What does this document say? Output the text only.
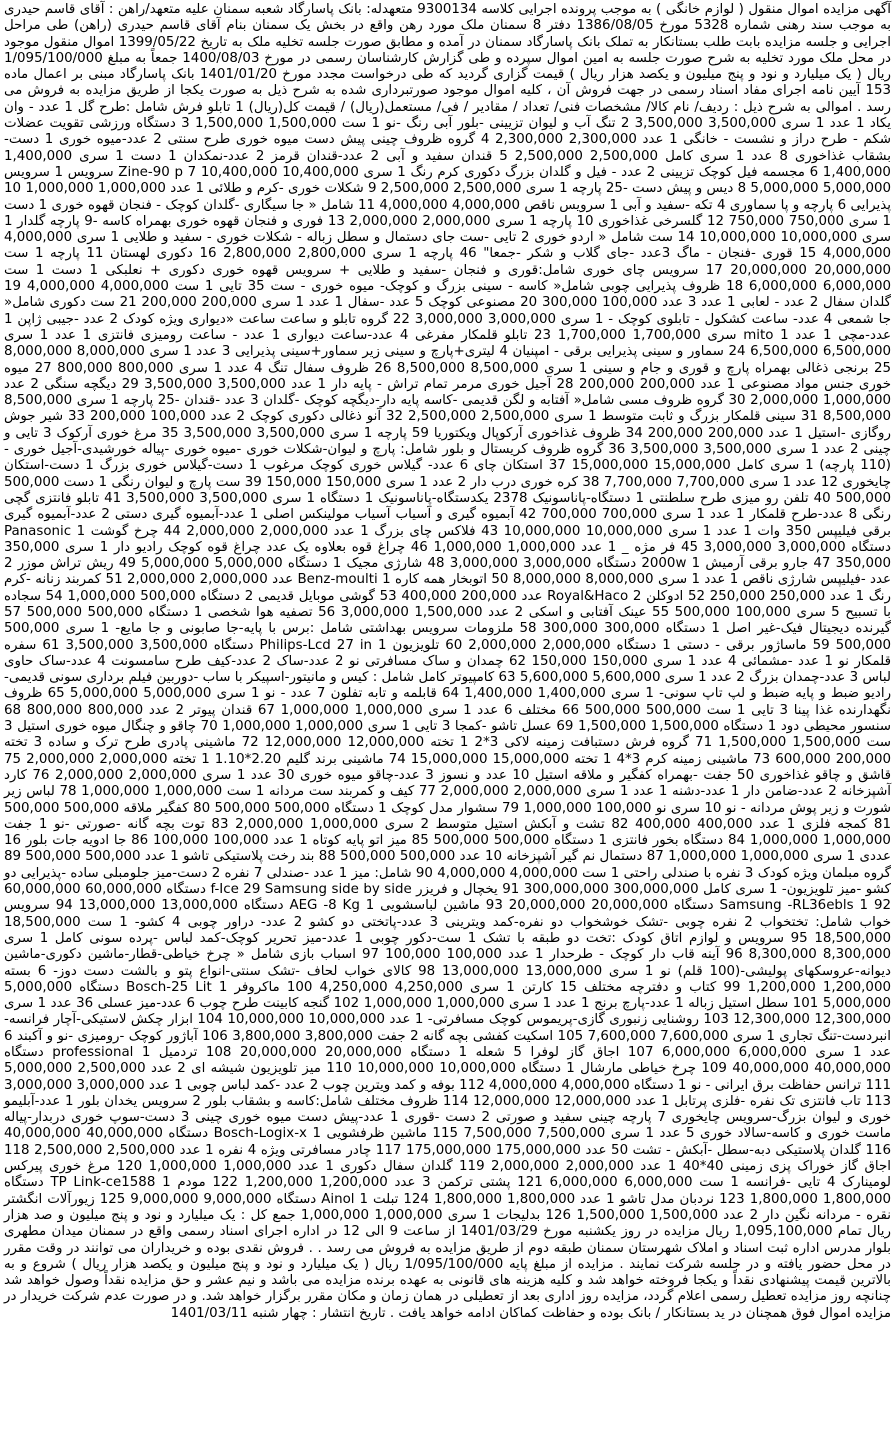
آگهی مزایده اموال منقول ( لوازم خانگی ) به موجب پرونده اجرایی کلاسه 9300134 متعهدله: بانک پاسارگاد شعبه سمنان علیه متعهد/راهن : آقای قاسم حیدری به موجب سند رهنی شماره 5328 مورخ 1386/08/05 دفتر 8 سمنان ملک مورد رهن واقع در بخش یک سمنان بنام آقای قاسم حیدری (راهن) طی مراحل اجرایی و جلسه مزایده بابت طلب بستانکار به تملک بانک پاسارگاد سمنان در آمده و مطابق صورت جلسه تخلیه ملک به تاریخ 1399/05/22 اموال منقول موجود در محل ملک مورد تخلیه به شرح صورت جلسه به امین اموال سپرده و طی گزارش کارشناسان رسمی در مورخ 1400/08/03 جمعاً به مبلغ 1/095/100/000 ریال ( یک میلیارد و نود و پنج میلیون و یکصد هزار ریال ) قیمت گزاری گردید که طی درخواست مجدد مورخ 1401/01/20 بانک پاسارگاد مبنی بر اعمال ماده 153 آیین نامه اجرای مفاد اسناد رسمی در جهت فروش آن ، کلیه اموال موجود صورتبرداری شده به شرح ذیل به صورت یکجا از طریق مزایده به فروش می رسد . اموالی به شرح ذیل : ردیف/ نام کالا/ مشخصات فنی/ تعداد / مقادیر / فی/ مستعمل(ریال) / قیمت کل(ریال) 1 تابلو فرش شامل :طرح گل 1 عدد - وان یکاد 1 عدد 1 سری 3,500,000 3,500,000 2 تنگ آب و لیوان تزیینی -بلور آبی رنگ -نو 1 ست 1,500,000 1,500,000 3 دستگاه ورزشی تقویت عضلات شکم - طرح دراز و نشست - خانگی 1 عدد 2,300,000 2,300,000 4 گروه ظروف چینی پیش دست میوه خوری طرح سنتی 2 عدد-میوه خوری 1 دست-بشقاب غذاخوری 8 عدد 1 سری کامل 2,500,000 2,500,000 5 قندان سفید و آبی 2 عدد-قندان قرمز 2 عدد-نمکدان 1 دست 1 سری 1,400,000 1,400,000 6 مجسمه فیل کوچک تزیینی 2 عدد - فیل و گلدان بزرگ دکوری کرم رنگ 1 سری 10,400,000 10,400,000 7 Zine-90 p سرویس 1 سرویس 5,000,000 5,000,000 8 دیس و پیش دست -25 پارچه 1 سری 2,500,000 2,500,000 9 شکلات خوری -کرم و طلائی 1 عدد 1,000,000 1,000,000 10 پذیرایی 6 پارچه و پا سماوری 4 تکه -سفید و آبی 1 سرویس ناقص 4,000,000 4,000,000 11 شامل « جا سیگاری -گلدان کوچک - فنجان قهوه خوری 1 دست 1 سری 750,000 750,000 12 گلسرخی غذاخوری 10 پارچه 1 سری 2,000,000 2,000,000 13 فوری و فنجان قهوه خوری بهمراه کاسه -9 پارچه گلدار 1 سری 10,000,000 10,000,000 14 ست شامل « اردو خوری 2 تایی -ست جای دستمال و سطل زباله - شکلات خوری - سفید و طلایی 1 سری 4,000,000 4,000,000 15 قوری -فنجان - ماگ 3عدد -جای گلاب و شکر -جمعا" 46 پارچه 1 سری 2,800,000 2,800,000 16 دکوری لهستان 11 پارچه 1 ست 20,000,000 20,000,000 17 سرویس چای خوری شامل:قوری و فنجان -سفید و طلایی + سرویس قهوه خوری دکوری + نعلبکی 1 دست 1 ست 6,000,000 6,000,000 18 ظروف پذیرایی چوبی شامل« کاسه - سینی بزرگ و کوچک- میوه خوری - ست 35 تایی 1 ست 4,000,000 4,000,000 19 گلدان سفال 2 عدد - لعابی 1 عدد 3 عدد 100,000 300,000 20 مصنوعی کوچک 5 عدد -سفال 1 عدد 1 سری 200,000 200,000 21 ست دکوری شامل« جا شمعی 4 عدد- ساعت کشکول - تابلوی کوچک - 1 سری 3,000,000 3,000,000 22 گروه تابلو و ساعت ساعت «دیواری ویژه کودک 2 عدد -جیبی ژاپن 1 عدد-مچی 1 عدد mito 1 سری 1,700,000 1,700,000 23 تابلو قلمکار مفرغی 4 عدد-ساعت دیواری 1 عدد - ساعت رومیزی فانتزی 1 عدد 1 سری 6,500,000 6,500,000 24 سماور و سینی پذیرایی برقی - امپنیان 4 لیتری+پارچ و سینی زیر سماور+سینی پذیرایی 3 عدد 1 سری 8,000,000 8,000,000 25 برنجی ذغالی بهمراه پارچ و قوری و جام و سینی 1 سری 8,500,000 8,500,000 26 ظروف سفال تنگ 4 عدد 1 سری 800,000 800,000 27 میوه خوری جنس مواد مصنوعی 1 عدد 200,000 200,000 28 آجیل خوری مرمر تمام تراش - پایه دار 1 عدد 3,500,000 3,500,000 29 دیگچه سنگی 2 عدد 1,000,000 2,000,000 30 گروه ظروف مسی شامل« آفتابه و لگن قدیمی -کاسه پایه دار-دیگچه کوچک -گلدان 3 عدد -قندان -25 پارچه 1 سری 8,500,000 8,500,000 31 سینی قلمکار بزرگ و ثابت متوسط 1 سری 2,500,000 2,500,000 32 آنو ذغالی دکوری کوچک 2 عدد 100,000 200,000 33 شیر جوش روگازی -استیل 1 عدد 200,000 200,000 34 ظروف غذاخوری آرکوپال ویکتوریا 59 پارچه 1 سری 3,500,000 3,500,000 35 مرغ خوری آرکوک 3 تایی و چینی 2 عدد 1 سری 3,500,000 3,500,000 36 گروه ظروف کریستال و بلور شامل: پارچ و لیوان-شکلات خوری -میوه خوری -پیاله خورشیدی-آجیل خوری - (110 پارچه) 1 سری کامل 15,000,000 15,000,000 37 استکان چای 6 عدد- گیلاس خوری کوچک مرغوب 1 دست-گیلاس خوری بزرگ 1 دست-استکان چایخوری 12 عدد 1 سری 7,700,000 7,700,000 38 کره خوری درب دار 2 عدد 1 سری 150,000 150,000 39 ست پارچ و لیوان رنگی 1 دست 500,000 500,000 40 تلفن رو میزی طرح سلطنتی 1 دستگاه-پاناسونیک 2378 یکدستگاه-پاناسونیک 1 دستگاه 1 سری 3,500,000 3,500,000 41 تابلو فانتزی گچی رنگی 8 عدد-طرح قلمکار 1 عدد 1 سری 700,000 700,000 42 آبمیوه گیری و آسیاب آسیاب مولینکس اصلی 1 عدد-آبمیوه گیری دستی 2 عدد-آبمیوه گیری برقی فیلیپس 350 وات 1 عدد 1 سری 10,000,000 10,000,000 43 فلاکس چای بزرگ 1 عدد 2,000,000 2,000,000 44 چرخ گوشت Panasonic 1 دستگاه 3,000,000 3,000,000 45 فر مژه _ 1 عدد 1,000,000 1,000,000 46 چراغ قوه بعلاوه یک عدد چراغ قوه کوچک رادیو دار 1 سری 350,000 350,000 47 جارو برقی آرمیش 2000w 1 دستگاه 3,000,000 3,000,000 48 شارژی مجیک 1 دستگاه 5,000,000 5,000,000 49 ریش تراش موزر 2 عدد -فیلیپس شارژی ناقص 1 عدد 1 سری 8,000,000 8,000,000 50 اتوبخار همه کاره Benz-moulti 1 عدد 2,000,000 2,000,000 51 کمربند زنانه -کرم رنگ 1 عدد 250,000 250,000 52 ادوکلن Royal&Haco 2 عدد 200,000 400,000 53 گوشی موبایل قدیمی 2 دستگاه 500,000 1,000,000 54 سجاده با تسبیح 5 سری 100,000 500,000 55 عینک آفتابی و اسکی 2 عدد 1,500,000 3,000,000 56 تصفیه هوا شخصی 1 دستگاه 500,000 500,000 57 گیرنده دیجیتال فیک-غیر اصل 1 دستگاه 300,000 300,000 58 ملزومات سرویس بهداشتی شامل :برس با پایه-جا صابونی و جا مایع- 1 سری 500,000 500,000 59 ماساژور برقی - دستی 1 دستگاه 2,000,000 2,000,000 60 تلویزیون Philips-Lcd 27 in 1 دستگاه 3,500,000 3,500,000 61 سفره قلمکار نو 1 عدد -مشمائی 4 عدد 1 سری 150,000 150,000 62 چمدان و ساک مسافرتی نو 2 عدد-ساک 2 عدد-کیف طرح سامسونت 4 عدد-ساک حاوی لباس 3 عدد-چمدان بزرگ 2 عدد 1 سری 5,600,000 5,600,000 63 کامپیوتر کامل شامل : کیس و مانیتور-اسپیکر با ساب -دوربین فیلم برداری سونی قدیمی-رادیو ضبط و پایه ضبط و لپ تاپ سونی- 1 سری 1,400,000 1,400,000 64 قابلمه و تابه تفلون 7 عدد - نو 1 سری 5,000,000 5,000,000 65 ظروف نگهدارنده غذا پینا 3 تایی 1 ست 500,000 500,000 66 مختلف 6 عدد 1 سری 1,000,000 1,000,000 67 قندان پیوتر 2 عدد 800,000 800,000 68 سنسور محیطی دود 1 دستگاه 1,500,000 1,500,000 69 عسل تاشو -کمجا 3 تایی 1 سری 1,000,000 1,000,000 70 چاقو و چنگال میوه خوری استیل 3 ست 1,500,000 1,500,000 71 گروه فرش دستبافت زمینه لاکی 3*2 1 تخته 12,000,000 12,000,000 72 ماشینی پادری طرح ترک و ساده 3 تخته 200,000 600,000 73 ماشینی زمینه کرم 3*4 1 تخته 15,000,000 15,000,000 74 ماشینی برند گلیم 2.20*1.10 1 تخته 2,000,000 2,000,000 75 قاشق و چاقو غذاخوری 50 جفت -بهمراه کفگیر و ملاقه استیل 10 عدد و نسوز 3 عدد-چاقو میوه خوری 30 عدد 1 سری 2,000,000 2,000,000 76 کارد آشپزخانه 2 عدد-ضامن دار 1 عدد-دشنه 1 عدد 1 سری 2,000,000 2,000,000 77 کیف و کمربند ست مردانه 1 ست 1,000,000 1,000,000 78 لباس زیر شورت و زیر پوش مردانه - نو 10 سری نو 100,000 1,000,000 79 سشوار مدل کوچک 1 دستگاه 500,000 500,000 80 کفگیر ملاقه 500,000 500,000 81 کمجه فلزی 1 عدد 400,000 400,000 82 تشت و آبکش استیل متوسط 2 سری 1,000,000 2,000,000 83 توت بچه گانه -صورتی -نو 1 جفت 1,000,000 1,000,000 84 دستگاه بخور فانتزی 1 دستگاه 500,000 500,000 85 میز اتو پایه کوتاه 1 عدد 100,000 100,000 86 جا ادویه جات بلور 16 عددی 1 سری 1,000,000 1,000,000 87 دستمال نم گیر آشپزخانه 10 عدد 500,000 500,000 88 بند رخت پلاستیکی تاشو 1 عدد 500,000 500,000 89 گروه مبلمان ویژه کودک 3 نفره با صندلی راحتی 1 ست 4,000,000 4,000,000 90 شامل: میز 1 عدد -صندلی 7 نفره 2 دست-میز جلومبلی ساده -پذیرایی دو کشو -میز تلویزیون- 1 سری کامل 300,000,000 300,000,000 91 یخچال و فریزر f-Ice 29 Samsung side by side دستگاه 60,000,000 60,000,000 92 Samsung -RL36ebls 1 دستگاه 20,000,000 20,000,000 93 ماشین لباسشویی AEG -8 Kg 1 دستگاه 13,000,000 13,000,000 94 سرویس خواب شامل: تختخواب 2 نفره چوبی -تشک خوشخواب دو نفره-کمد ویترینی 3 عدد-پاتختی دو کشو 2 عدد- دراور چوبی 4 کشو- 1 ست 18,500,000 18,500,000 95 سرویس و لوازم اتاق کودک :تخت دو طبقه با تشک 1 ست-دکور چوبی 1 عدد-میز تحریر کوچک-کمد لباس -پرده سونی کامل 1 سری 8,300,000 8,300,000 96 آینه قاب دار کوچک - طرحدار 1 عدد 100,000 100,000 97 اسباب بازی شامل « چرخ خیاطی-قطار-ماشین دکوری-ماشین دیوانه-عروسکهای پولیشی-(100 قلم) نو 1 سری 13,000,000 13,000,000 98 کالای خواب لحاف -تشک سنتی-انواع پتو و بالشت دست دوز- 6 بسته 1,200,000 1,200,000 99 کتاب و دفترچه مختلف 15 کارتن 1 سری 4,250,000 4,250,000 100 ماکروفر Bosch-25 Lit 1 دستگاه 5,000,000 5,000,000 101 سطل استیل زباله 1 عدد-پارچ برنج 1 عدد 1 سری 1,000,000 1,000,000 102 گنجه کابینت طرح چوب 6 عدد-میز عسلی 36 عدد 1 سری 12,300,000 12,300,000 103 روشنایی زنبوری گازی-پریموس کوچک مسافرتی- 1 عدد 10,000,000 10,000,000 104 ابزار چکش لاستیکی-آچار فرانسه-انبردست-تنگ تجاری 1 سری 7,600,000 7,600,000 105 اسکیت کفشی بچه گانه 2 جفت 3,800,000 3,800,000 106 آباژور کوچک -رومیزی -نو و آکبند 6 عدد 1 سری 6,000,000 6,000,000 107 اجاق گاز لوفرا 5 شعله 1 دستگاه 20,000,000 20,000,000 108 تردمیل professional 1 دستگاه 40,000,000 40,000,000 109 چرخ خیاطی مارشال 1 دستگاه 10,000,000 10,000,000 110 میز تلویزیون شیشه ای 2 عدد 2,500,000 5,000,000 111 ترانس حفاظت برق ایرانی - نو 1 دستگاه 4,000,000 4,000,000 112 بوفه و کمد ویترین چوب 2 عدد -کمد لباس چوبی 1 عدد 3,000,000 3,000,000 113 تاب فانتزی تک نفره -فلزی پرتابل 1 عدد 12,000,000 12,000,000 114 ظروف مختلف شامل:کاسه و بشقاب بلور 2 سرویس یخدان بلور 1 عدد-آبلیمو خوری و لیوان بزرگ-سرویس چایخوری 7 پارچه چینی سفید و صورتی 2 دست -قوری 1 عدد-پیش دست میوه خوری چینی 3 دست-سوپ خوری دربدار-پیاله ماست خوری و کاسه-سالاد خوری 5 عدد 1 سری 7,500,000 7,500,000 115 ماشین ظرفشویی Bosch-Logix-x 1 دستگاه 40,000,000 40,000,000 116 گلدان پلاستیکی دبه-سطل -آبکش - تشت 50 عدد 175,000,000 175,000,000 117 چادر مسافرتی ویژه 4 نفره 1 عدد 2,500,000 2,500,000 118 اجاق گاز خوراک پزی زمینی 40*40 1 عدد 2,000,000 2,000,000 119 گلدان سفال دکوری 1 عدد 1,000,000 1,000,000 120 مرغ خوری پیرکس لومینارک 4 تایی -فرانسه 1 ست 6,000,000 6,000,000 121 پشتی ترکمن 3 عدد 1,200,000 1,200,000 122 مودم TP Link-ce1588 1 دستگاه 1,800,000 1,800,000 123 نردبان مدل تاشو 1 عدد 1,800,000 1,800,000 124 تبلت Ainol 1 دستگاه 9,000,000 9,000,000 125 زیورآلات انگشتر نقره - مردانه نگین دار 2 عدد 1,500,000 1,500,000 126 بدلیجات 1 سری 1,000,000 1,000,000 جمع کل : یک میلیارد و نود و پنج میلیون و صد هزار ریال تمام 1,095,100,000 ریال مزایده در روز یکشنبه مورخ 1401/03/29 از ساعت 9 الی 12 در اداره اجرای اسناد رسمی واقع در سمنان میدان مطهری بلوار مدرس اداره ثبت اسناد و املاک شهرستان سمنان طبقه دوم از طریق مزایده به فروش می رسد . . فروش نقدی بوده و خریداران می توانند در وقت مقرر در محل حضور یافته و در جلسه شرکت نمایند . مزایده از مبلغ پایه 1/095/100/000 ریال ( یک میلیارد و نود و پنج میلیون و یکصد هزار ریال ) شروع و به بالاترین قیمت پیشنهادی نقداً و یکجا فروخته خواهد شد و کلیه هزینه های قانونی به عهده برنده مزایده می باشد و نیم عشر و حق مزایده نقداً وصول خواهد شد چنانچه روز مزایده تعطیل رسمی اعلام گردد، مزایده روز اداری بعد از تعطیلی در همان زمان و مکان مقرر برگزار خواهد شد. و در صورت عدم شرکت خریدار در مزایده اموال فوق همچنان در ید بستانکار / بانک بوده و حفاظت کماکان ادامه خواهد یافت . تاریخ انتشار : چهار شنبه 1401/03/11
